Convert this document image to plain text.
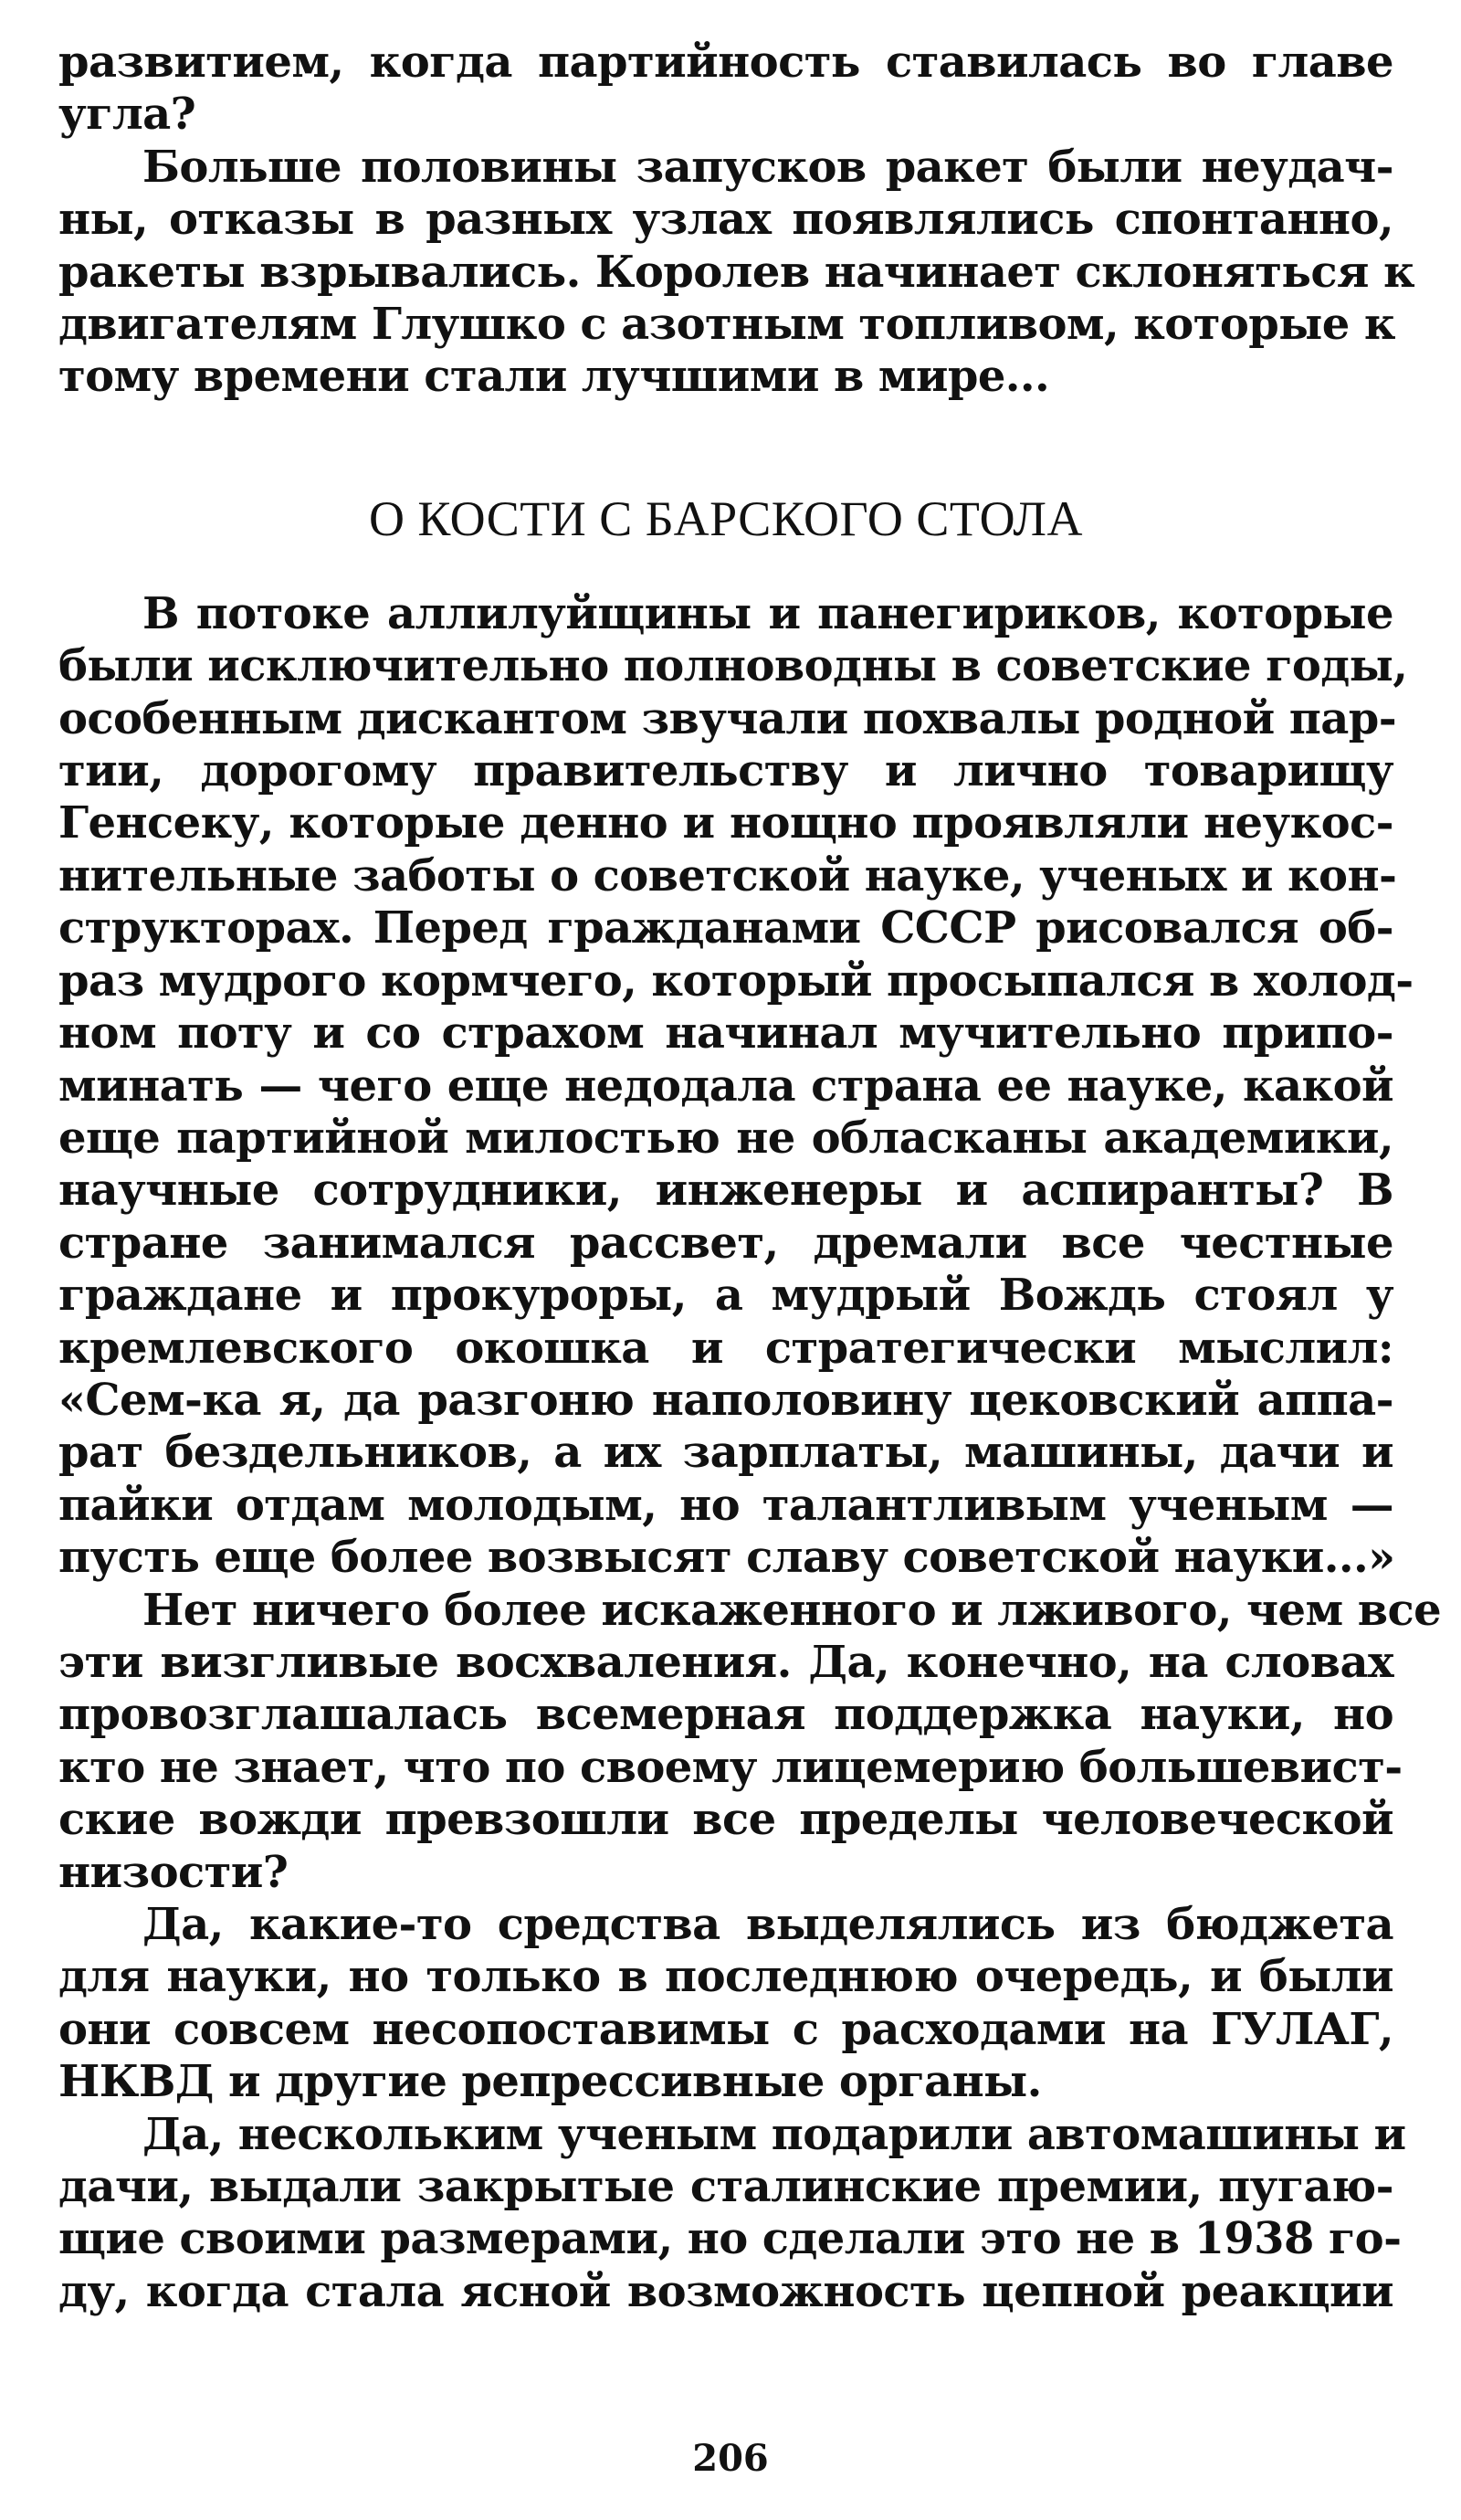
развитием, когда партийность ставилась во главе
угла?
Больше половины запусков ракет были неудач-
ны, отказы в разных узлах появлялись спонтанно,
ракеты взрывались. Королев начинает склоняться к
двигателям Глушко с азотным топливом, которые к
тому времени стали лучшими в мире...
О КОСТИ С БАРСКОГО СТОЛА
В потоке аллилуйщины и панегириков, которые
были исключительно полноводны в советские годы,
особенным дискантом звучали похвалы родной пар-
тии, дорогому правительству и лично товарищу
Генсеку, которые денно и нощно проявляли неукос-
нительные заботы о советской науке, ученых и кон-
структорах. Перед гражданами СССР рисовался об-
раз мудрого кормчего, который просыпался в холод-
ном поту и со страхом начинал мучительно припо-
минать — чего еще недодала страна ее науке, какой
еще партийной милостью не обласканы академики,
научные сотрудники, инженеры и аспиранты? В
стране занимался рассвет, дремали все честные
граждане и прокуроры, а мудрый Вождь стоял у
кремлевского окошка и стратегически мыслил:
«Сем-ка я, да разгоню наполовину цековский аппа-
рат бездельников, а их зарплаты, машины, дачи и
пайки отдам молодым, но талантливым ученым —
пусть еще более возвысят славу советской науки...»
Нет ничего более искаженного и лживого, чем все
эти визгливые восхваления. Да, конечно, на словах
провозглашалась всемерная поддержка науки, но
кто не знает, что по своему лицемерию большевист-
ские вожди превзошли все пределы человеческой
низости?
Да, какие-то средства выделялись из бюджета
для науки, но только в последнюю очередь, и были
они совсем несопоставимы с расходами на ГУЛАГ,
НКВД и другие репрессивные органы.
Да, нескольким ученым подарили автомашины и
дачи, выдали закрытые сталинские премии, пугаю-
щие своими размерами, но сделали это не в 1938 го-
ду, когда стала ясной возможность цепной реакции
206
